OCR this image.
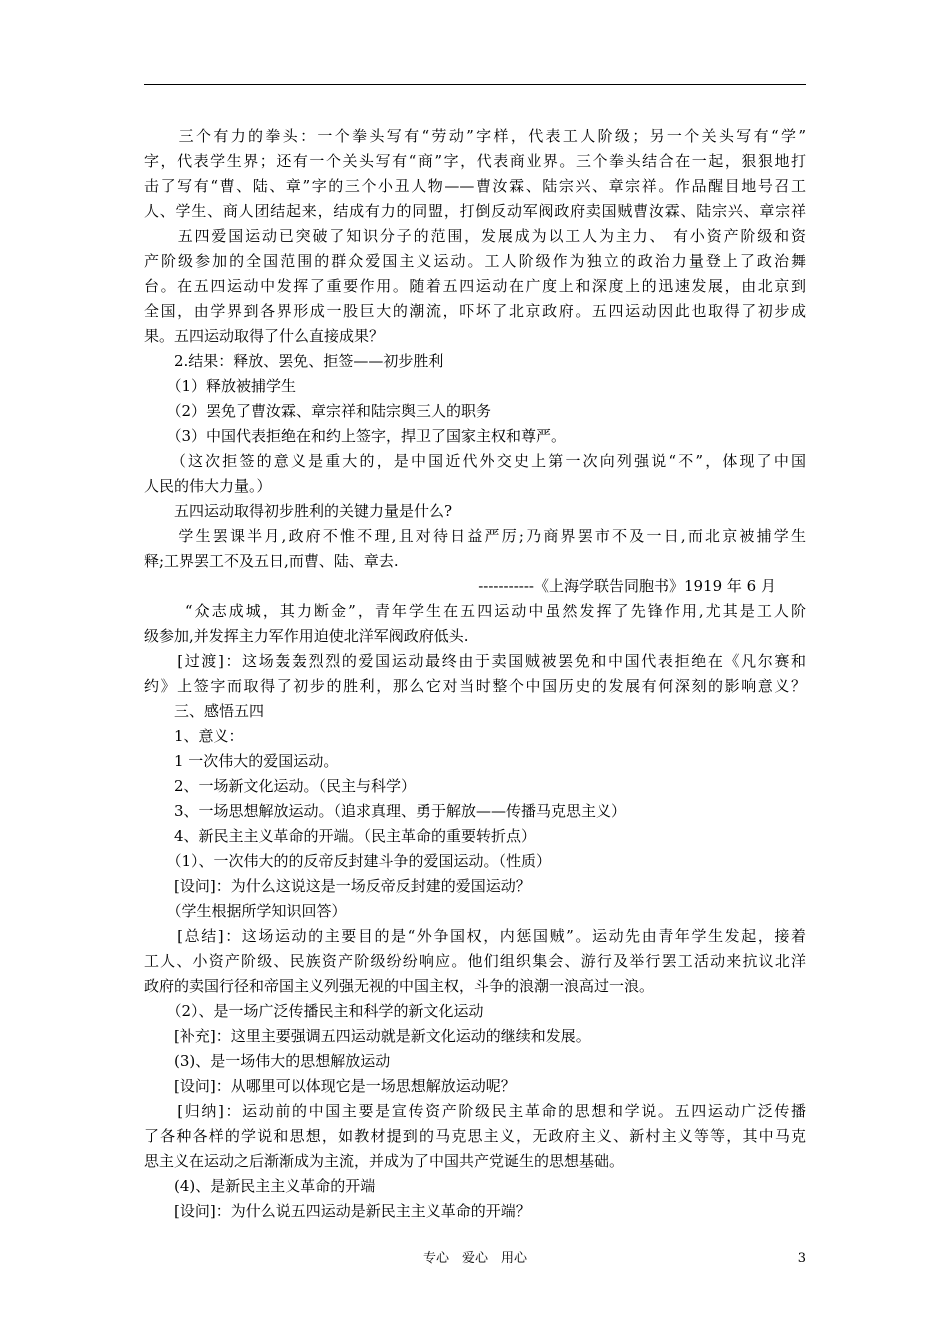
　　三个有力的拳头：一个拳头写有“劳动”字样，代表工人阶级；另一个关头写有“学”
字，代表学生界；还有一个关头写有“商”字，代表商业界。三个拳头结合在一起，狠狠地打
击了写有“曹、陆、章”字的三个小丑人物——曹汝霖、陆宗兴、章宗祥。作品醒目地号召工
人、学生、商人团结起来，结成有力的同盟，打倒反动军阀政府卖国贼曹汝霖、陆宗兴、章宗祥
　　五四爱国运动已突破了知识分子的范围，发展成为以工人为主力、 有小资产阶级和资
产阶级参加的全国范围的群众爱国主义运动。工人阶级作为独立的政治力量登上了政治舞
台。在五四运动中发挥了重要作用。随着五四运动在广度上和深度上的迅速发展，由北京到
全国，由学界到各界形成一股巨大的潮流，吓坏了北京政府。五四运动因此也取得了初步成
果。五四运动取得了什么直接成果？
　　2.结果：释放、罢免、拒签——初步胜利
　　（1）释放被捕学生
　　（2）罢免了曹汝霖、章宗祥和陆宗舆三人的职务
　　（3）中国代表拒绝在和约上签字，捍卫了国家主权和尊严。
　　（这次拒签的意义是重大的，是中国近代外交史上第一次向列强说“不”，体现了中国
人民的伟大力量。）
　　五四运动取得初步胜利的关键力量是什么?
　　学生罢课半月,政府不惟不理,且对待日益严厉;乃商界罢市不及一日,而北京被捕学生
释;工界罢工不及五日,而曹、陆、章去.
-----------《上海学联告同胞书》1919 年 6 月
　　 “众志成城，其力断金”，青年学生在五四运动中虽然发挥了先锋作用,尤其是工人阶
级参加,并发挥主力军作用迫使北洋军阀政府低头.
　　[过渡]：这场轰轰烈烈的爱国运动最终由于卖国贼被罢免和中国代表拒绝在《凡尔赛和
约》上签字而取得了初步的胜利，那么它对当时整个中国历史的发展有何深刻的影响意义？
　　三、感悟五四
　　1、意义：
　　1 一次伟大的爱国运动。
　　2、一场新文化运动。（民主与科学）
　　3、一场思想解放运动。（追求真理、勇于解放——传播马克思主义）
　　4、新民主主义革命的开端。（民主革命的重要转折点）
　　（1）、一次伟大的的反帝反封建斗争的爱国运动。（性质）
　　[设问]：为什么这说这是一场反帝反封建的爱国运动？
　　（学生根据所学知识回答）
　　[总结]：这场运动的主要目的是“外争国权，内惩国贼”。运动先由青年学生发起，接着
工人、小资产阶级、民族资产阶级纷纷响应。他们组织集会、游行及举行罢工活动来抗议北洋
政府的卖国行径和帝国主义列强无视的中国主权，斗争的浪潮一浪高过一浪。
　　（2）、是一场广泛传播民主和科学的新文化运动
　　[补充]：这里主要强调五四运动就是新文化运动的继续和发展。
　　(3)、是一场伟大的思想解放运动
　　[设问]：从哪里可以体现它是一场思想解放运动呢？
　　[归纳]：运动前的中国主要是宣传资产阶级民主革命的思想和学说。五四运动广泛传播
了各种各样的学说和思想，如教材提到的马克思主义，无政府主义、新村主义等等，其中马克
思主义在运动之后渐渐成为主流，并成为了中国共产党诞生的思想基础。
　　(4)、是新民主主义革命的开端
　　[设问]：为什么说五四运动是新民主主义革命的开端？
专心　爱心　用心	3
